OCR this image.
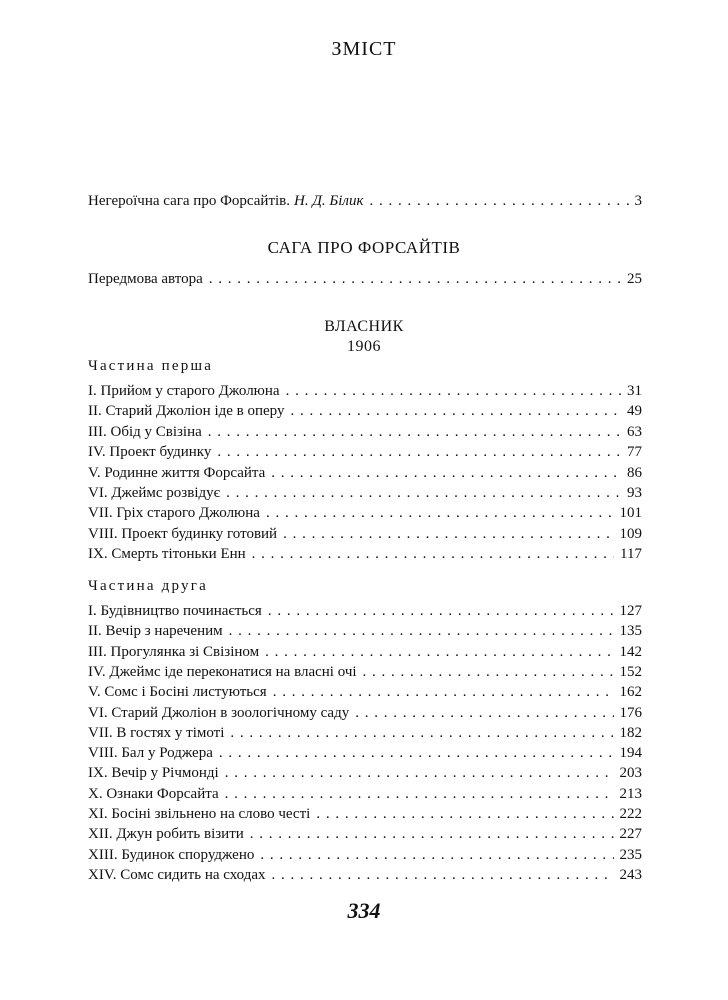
ЗМІСТ
Негероїчна сага про Форсайтів. Н. Д. Білик . . .	3
САГА ПРО ФОРСАЙТІВ
Передмова автора . . .	25
ВЛАСНИК
1906
Частина перша
І. Прийом у старого Джолюна . . .	31
II. Старий Джоліон іде в оперу . . .	49
III. Обід у Свізіна . . .	63
IV. Проект будинку . . .	77
V. Родинне життя Форсайта . . .	86
VI. Джеймс розвідує . . .	93
VII. Гріх старого Джолюна . . .	101
VIII. Проект будинку готовий . . .	109
IX. Смерть тітоньки Енн . . .	117
Частина друга
І. Будівництво починається . . .	127
II. Вечір з нареченим . . .	135
III. Прогулянка зі Свізіном . . .	142
IV. Джеймс іде переконатися на власні очі . . .	152
V. Сомс і Босіні листуються . . .	162
VI. Старий Джоліон в зоологічному саду . . .	176
VII. В гостях у тімоті . . .	182
VIII. Бал у Роджера . . .	194
IX. Вечір у Річмонді . . .	203
X. Ознаки Форсайта . . .	213
XI. Босіні звільнено на слово честі . . .	222
XII. Джун робить візити . . .	227
XIII. Будинок споруджено . . .	235
XIV. Сомс сидить на сходах . . .	243
334
